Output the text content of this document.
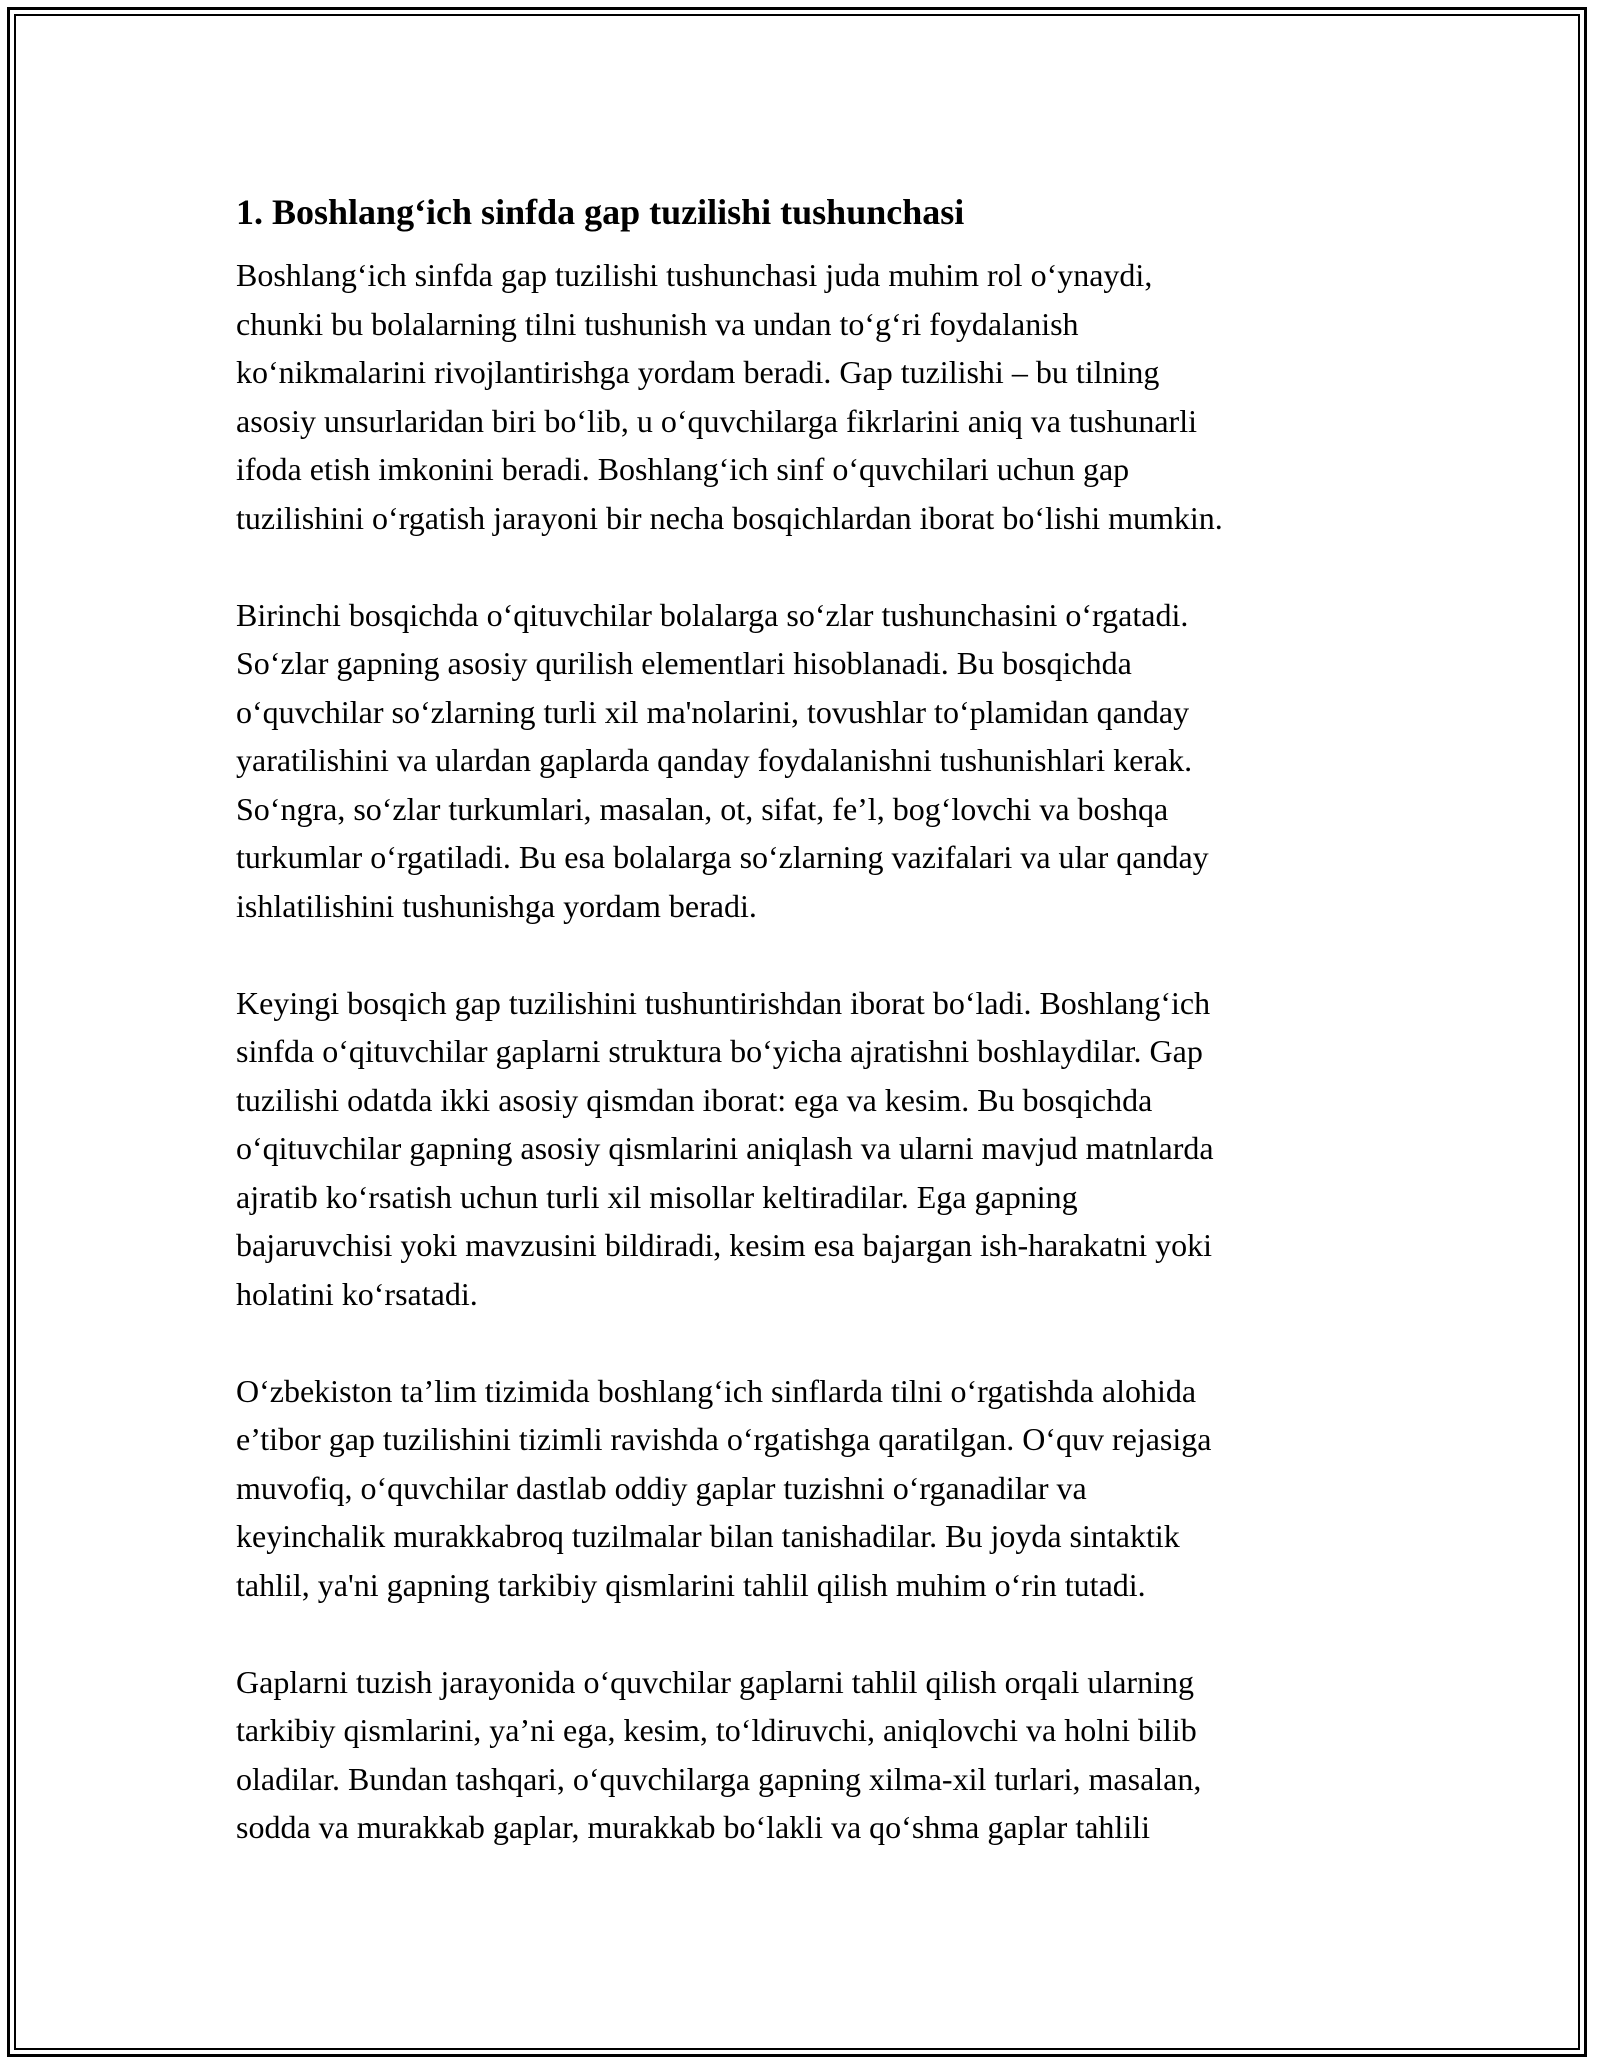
1. Boshlang‘ich sinfda gap tuzilishi tushunchasi
Boshlang‘ich sinfda gap tuzilishi tushunchasi juda muhim rol o‘ynaydi,
chunki bu bolalarning tilni tushunish va undan to‘g‘ri foydalanish
ko‘nikmalarini rivojlantirishga yordam beradi. Gap tuzilishi – bu tilning
asosiy unsurlaridan biri bo‘lib, u o‘quvchilarga fikrlarini aniq va tushunarli
ifoda etish imkonini beradi. Boshlang‘ich sinf o‘quvchilari uchun gap
tuzilishini o‘rgatish jarayoni bir necha bosqichlardan iborat bo‘lishi mumkin.
Birinchi bosqichda o‘qituvchilar bolalarga so‘zlar tushunchasini o‘rgatadi.
So‘zlar gapning asosiy qurilish elementlari hisoblanadi. Bu bosqichda
o‘quvchilar so‘zlarning turli xil ma'nolarini, tovushlar to‘plamidan qanday
yaratilishini va ulardan gaplarda qanday foydalanishni tushunishlari kerak.
So‘ngra, so‘zlar turkumlari, masalan, ot, sifat, fe’l, bog‘lovchi va boshqa
turkumlar o‘rgatiladi. Bu esa bolalarga so‘zlarning vazifalari va ular qanday
ishlatilishini tushunishga yordam beradi.
Keyingi bosqich gap tuzilishini tushuntirishdan iborat bo‘ladi. Boshlang‘ich
sinfda o‘qituvchilar gaplarni struktura bo‘yicha ajratishni boshlaydilar. Gap
tuzilishi odatda ikki asosiy qismdan iborat: ega va kesim. Bu bosqichda
o‘qituvchilar gapning asosiy qismlarini aniqlash va ularni mavjud matnlarda
ajratib ko‘rsatish uchun turli xil misollar keltiradilar. Ega gapning
bajaruvchisi yoki mavzusini bildiradi, kesim esa bajargan ish-harakatni yoki
holatini ko‘rsatadi.
O‘zbekiston ta’lim tizimida boshlang‘ich sinflarda tilni o‘rgatishda alohida
e’tibor gap tuzilishini tizimli ravishda o‘rgatishga qaratilgan. O‘quv rejasiga
muvofiq, o‘quvchilar dastlab oddiy gaplar tuzishni o‘rganadilar va
keyinchalik murakkabroq tuzilmalar bilan tanishadilar. Bu joyda sintaktik
tahlil, ya'ni gapning tarkibiy qismlarini tahlil qilish muhim o‘rin tutadi.
Gaplarni tuzish jarayonida o‘quvchilar gaplarni tahlil qilish orqali ularning
tarkibiy qismlarini, ya’ni ega, kesim, to‘ldiruvchi, aniqlovchi va holni bilib
oladilar. Bundan tashqari, o‘quvchilarga gapning xilma-xil turlari, masalan,
sodda va murakkab gaplar, murakkab bo‘lakli va qo‘shma gaplar tahlili
